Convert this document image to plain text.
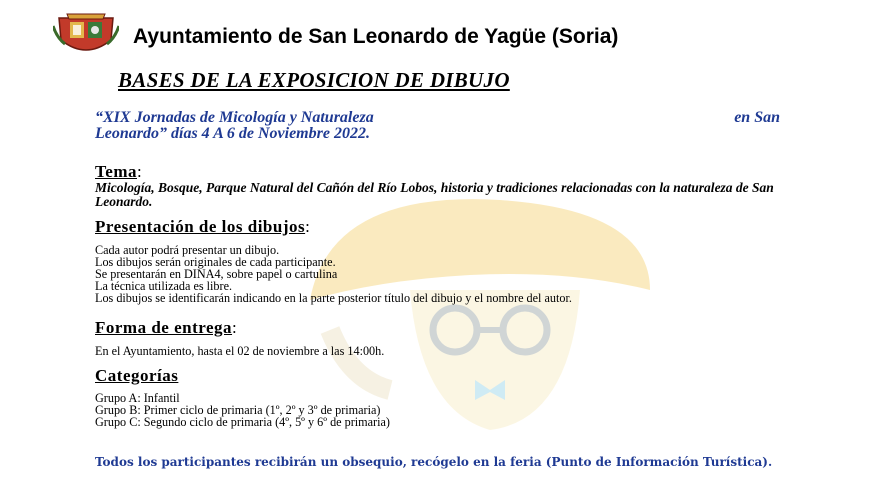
Ayuntamiento de San Leonardo de Yagüe (Soria)
BASES DE LA EXPOSICION DE DIBUJO
“XIX Jornadas de Micología y Naturaleza	en San
Leonardo” días 4 A 6 de Noviembre 2022.
Tema:
Micología, Bosque, Parque Natural del Cañón del Río Lobos, historia y tradiciones relacionadas con la naturaleza de San Leonardo.
Presentación de los dibujos:
Cada autor podrá presentar un dibujo.
Los dibujos serán originales de cada participante.
Se presentarán en DINA4, sobre papel o cartulina
La técnica utilizada es libre.
Los dibujos se identificarán indicando en la parte posterior título del dibujo y el nombre del autor.
Forma de entrega:
En el Ayuntamiento, hasta el 02 de noviembre a las 14:00h.
Categorías
Grupo A: Infantil
Grupo B: Primer ciclo de primaria (1º, 2º y 3º de primaria)
Grupo C: Segundo ciclo de primaria (4º, 5º y 6º de primaria)
Todos los participantes recibirán un obsequio, recógelo en la feria (Punto de Información Turística).
